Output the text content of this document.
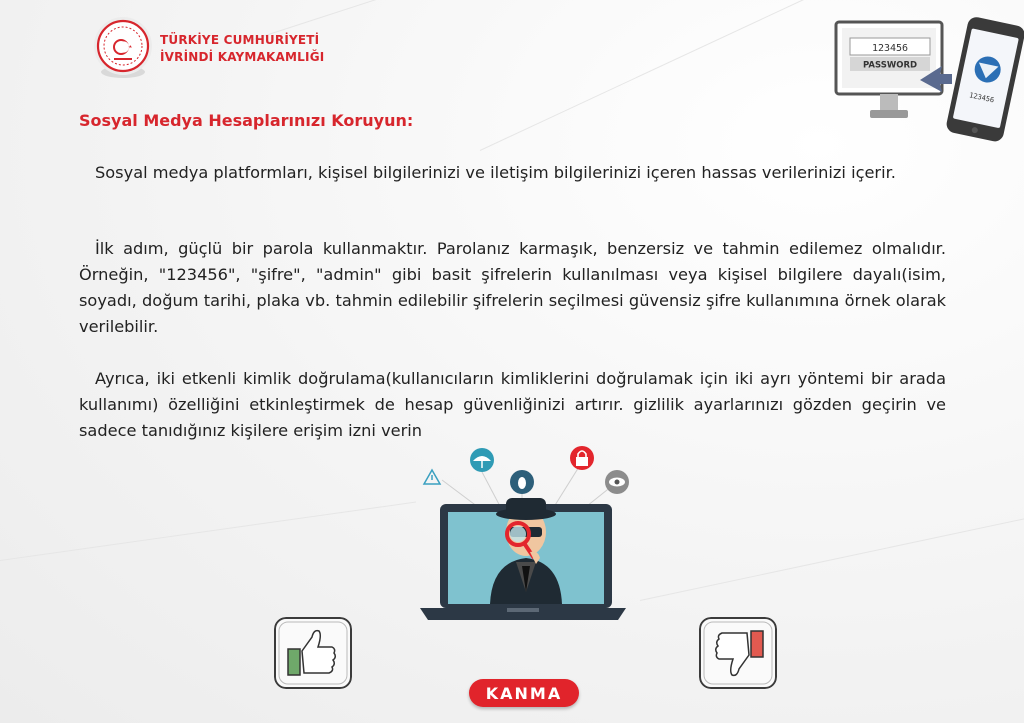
TÜRKİYE CUMHURİYETİ
İVRİNDİ KAYMAKAMLIĞI
123456
PASSWORD
123456
Sosyal Medya Hesaplarınızı Koruyun:
Sosyal medya platformları, kişisel bilgilerinizi ve iletişim bilgilerinizi içeren hassas verilerinizi içerir.
İlk adım, güçlü bir parola kullanmaktır. Parolanız karmaşık, benzersiz ve tahmin edilemez olmalıdır. Örneğin, "123456", "şifre", "admin" gibi basit şifrelerin kullanılması veya kişisel bilgilere dayalı(isim, soyadı, doğum tarihi, plaka vb. tahmin edilebilir şifrelerin seçilmesi güvensiz şifre kullanımına örnek olarak verilebilir.
Ayrıca, iki etkenli kimlik doğrulama(kullanıcıların kimliklerini doğrulamak için iki ayrı yöntemi bir arada kullanımı) özelliğini etkinleştirmek de hesap güvenliğinizi artırır. gizlilik ayarlarınızı gözden geçirin ve sadece tanıdığınız kişilere erişim izni verin
KANMA
